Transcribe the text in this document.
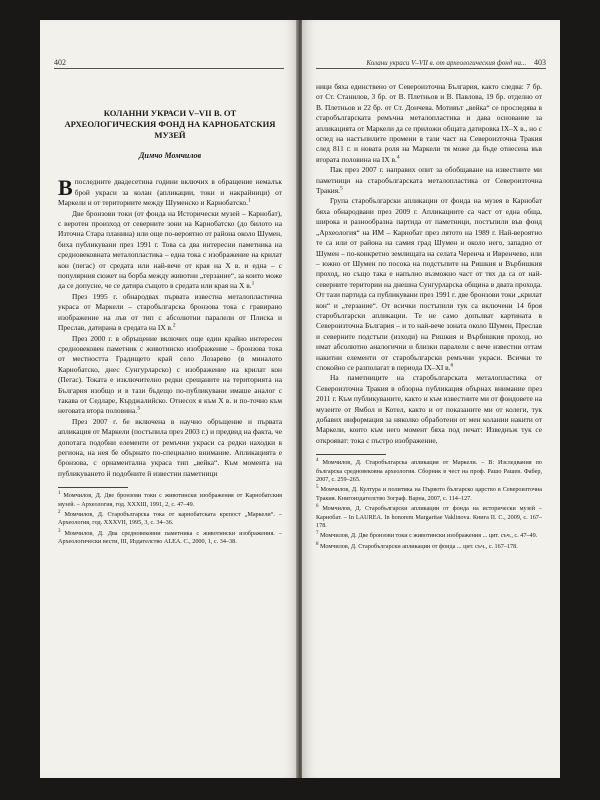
402
КОЛАННИ УКРАСИ V–VII В. ОТ АРХЕОЛОГИЧЕСКИЯ ФОНД НА КАРНОБАТСКИЯ МУЗЕЙ
Димчо Момчилов

Впоследните двадесетина години включих в обращение немалък брой украси за колан (апликации, токи и накрайници) от Маркели и от териториите между Шуменско и Карнобатско.$^1$

Две бронзови токи (от фонда на Исторически музей – Карнобат), с веротен произход от северните зони на Карнобатско (до билото на Източна Стара планина) или още по-вероятно от района около Шумен, биха публикувани през 1991 г. Това са два интересни паметника на средновековната металопластика – една тока с изображение на крилат кон (пегас) от средата или най-вече от края на Х в. и една – с популярния сюжет на борба между животни „терзание“, за които може да се допусне, че се датира същото в средата или края на Х в.$^1$

През 1995 г. обнародвах първата известна металопластична украса от Маркели – старобългарска бронзова тока с гравирано изображение на лъв от тип с абсолютни паралели от Плиска и Преслав, датирана в средата на IX в.$^2$

През 2000 г. в обръщение включих още един крайно интересен средновековен паметник с животинско изображение – бронзова тока от местността Градището край село Лозарево (в миналото Карнобатско, днес Сунгурларско) с изображение на крилат кон (Пегас). Токата е изключително редки срещаните на територията на България изобщо и в тази бъдещо по-публикувани имаше аналог с такава от Седларе, Кърджалийско. Отнесох я към Х в. и по-точно към неговата втора половина.$^3$

През 2007 г. бе включена в научно обръщение и първата апликация от Маркели (постъпила през 2003 г.) и предвид на факта, че допотага подобни елементи от ремъчни украси са редки находки в региона, на нея бе обърнато по-специално внимание. Апликацията е бронзова, с орнаментална украса тип „вейка“. Към момента на публикуването й подобните й известни паметници

$^1$ Момчилов, Д. Две бронзови токи с животински изображения от Карнобатския музей. – Археология, год. XXXIII, 1991, 2, с. 47–49.

$^2$ Момчилов, Д. Старобългарска тока от карнобатската крепост „Маркели“. – Археология, год. XXXVII, 1995, 3, с. 34–36.

$^3$ Момчилов, Д. Два средновековни паметника с животински изображения. – Археологически вести, III, Издателство ALEA. С., 2000, 1, с. 34–38.

Колани украси V–VII в. от археологическия фонд на... 403

ници бяха единствено от Североизточна България, както следва: 7 бр. от Ст. Станилов, 3 бр. от В. Плетньов и В. Павлова, 19 бр. отделно от В. Плетньов и 22 бр. от Ст. Дончева. Мотивът „вейка“ се проследява в старобългарската ремъчна металопластика и дава основание за апликацията от Маркели да се приложи общата датировка IX–X в., но с оглед на настъпилите промени в тази част на Североизточна Тракия след 811 г. и новата роля на Маркели тя може да бъде отнесена във втората половина на IX в.$^4$

Пак през 2007 г. направих опит за обобщаване на известните ми паметници на старобългарската металопластика от Североизточна Тракия.$^5$

Група старобългарски апликации от фонда на музея в Карнобат бяха обнародвани през 2009 г. Апликациите са част от една обща, широка и разнообразна партида от паметници, постъпили във фонд „Археология“ на ИМ – Карнобат през лятото на 1989 г. Най-вероятно те са или от района на самия град Шумен и около него, западно от Шумен – по-конкретно землищата на селата Черенча и Ивренчево, или – южно от Шумен по посока на подстъпите на Ришкия и Върбишкия проход, но също така е напълно възможно част от тях да са от най-северните територии на днешна Сунгурларска община в двата прохода. От тази партида са публикувани през 1991 г. две бронзови токи „крилат кон“ и „терзание“. От всички постъпили тук са включени 14 броя старобългарски апликации. Те не само допълват картината в Североизточна България – и то най-вече зоната около Шумен, Преслав и северните подстъпи (изходи) на Ришкия и Върбишкия проход, но имат абсолютно аналогични и близки паралели с вече известни оттам накитни елементи от старобългарски ремъчни украси. Всички те спокойно се разполагат в периода IX–XI в.$^6$

На паметниците на старобългарската металопластика от Североизточна Тракия в обзорна публикация обърнах внимание през 2011 г. Към публикуваните, както и към известните ми от фондовете на музеите от Ямбол и Котел, както и от показаните ми от колеги, тук добавих информация за няколко обработени от мен колании накити от Маркели, които към него момент бяха под печат: Изведнъж тук се открояват: тока с пъстро изображение,

$^4$ Момчилов, Д. Старобългарска апликация от Маркели. – В: Изследвания по българска средновековна археология. Сборник в чест на проф. Рашо Рашев. Фабер, 2007, с. 259–265.

$^5$ Момчилов, Д. Култура и политика на Първото българско царство в Североизточна Тракия. Книгоиздателство Зограф. Варна, 2007, с. 114–127.

$^6$ Момчилов, Д. Старобългарски апликации от фонда на исторически музей – Карнобат. – In LAUREA. In honorem Margaritae Vaklinova. Книга II. С., 2009, с. 167–178.

$^7$ Момчилов, Д. Две бронзови токи с животински изображения ... цит. съч., с. 47–49.

$^8$ Момчилов, Д. Старобългарски апликации от фонда ... цит. съч., с. 167–178.
